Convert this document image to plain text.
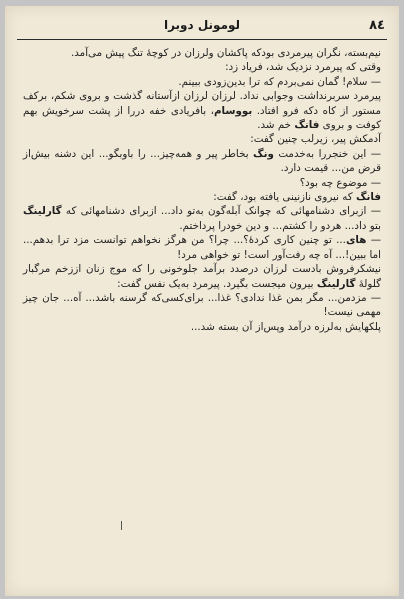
۸٤
لومونل دوبرا

نیم‌بسته، نگران پیرمردی بودکه پاکشان ولرزان در کوچهٔ تنگ پیش می‌آمد.

وقتی که پیرمرد نزدیک شد، فریاد زد:

— سلام! گمان نمی‌بردم که ترا بدین‌زودی ببینم.

پیرمرد سربرنداشت وجوابی نداد. لرزان لرزان ازآستانه گذشت و بروی شکم، برکف مستور از کاه دکه فرو افتاد. بووسام، بافریادی خفه دررا از پشت سرخویش بهم کوفت و بروی فانگ خم شد.

آدمکش پیر، زیرلب چنین گفت:

— این خنجررا به‌خدمت ونگ بخاطر پیر و همه‌چیز... را باوبگو... این دشنه بیش‌از قرض من... قیمت دارد.

— موضوع چه بود؟

فانگ که نیروی نازنینی یافته بود، گفت:

— ازبرای دشنامهائی که چوانک آبله‌گون به‌تو داد... ازبرای دشنامهائی که گارلینگ بتو داد... هردو را کشتم... و دین خودرا پرداختم.

— های... تو چنین کاری کردهٔ؟... چرا؟ من هرگز نخواهم توانست مزد ترا بدهم... اما ببین!... آه چه رفت‌آور است! تو خواهی مرد!

نیشکرفروش بادست لرزان درصدد برآمد جلوخونی را که موج زنان اززخم مرگبار گلولهٔ گارلینگ بیرون میجست بگیرد. پیرمرد به‌یک نفس گفت:

— مزدمن... مگر بمن غذا ندادی؟ غذا... برای‌کسی‌که گرسنه باشد... آه... جان چیز مهمی نیست!

پلکهایش به‌لرزه درآمد وپس‌از آن بسته شد...
